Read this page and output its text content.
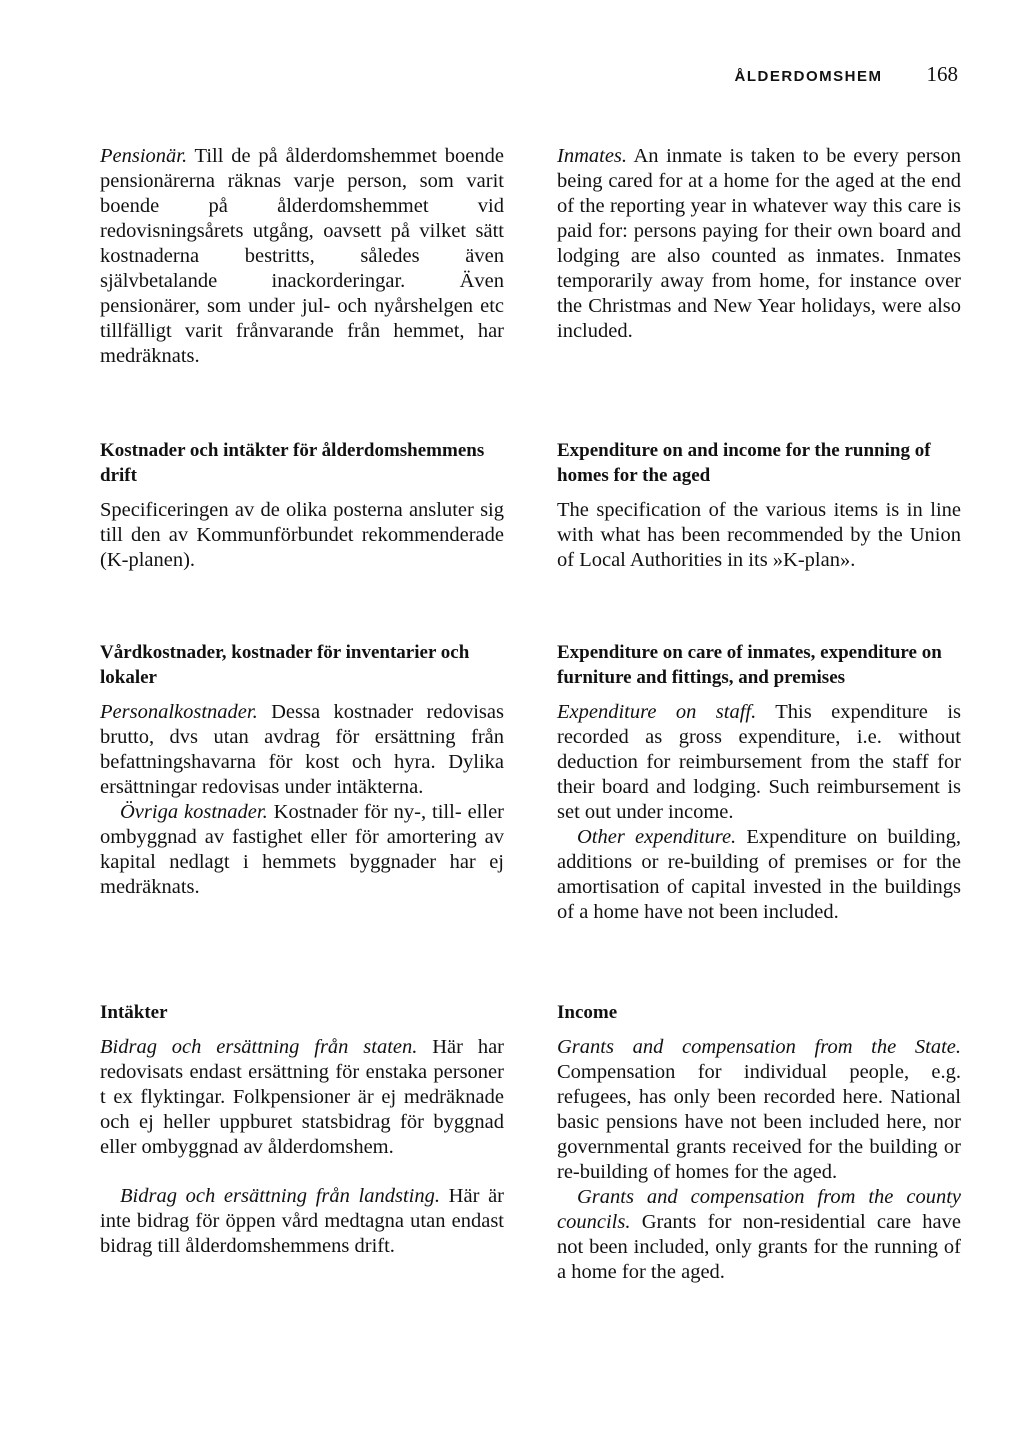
ÅLDERDOMSHEM 168

Pensionär. Till de på ålderdomshemmet boende pensionärerna räknas varje person, som varit boende på ålderdomshemmet vid redovisningsårets utgång, oavsett på vilket sätt kostnaderna bestritts, således även självbetalande inackorderingar. Även pensionärer, som under jul- och nyårshelgen etc tillfälligt varit frånvarande från hemmet, har medräknats.

Inmates. An inmate is taken to be every person being cared for at a home for the aged at the end of the reporting year in whatever way this care is paid for: persons paying for their own board and lodging are also counted as inmates. Inmates temporarily away from home, for instance over the Christmas and New Year holidays, were also included.

Kostnader och intäkter för ålderdomshemmens drift

Specificeringen av de olika posterna ansluter sig till den av Kommunförbundet rekommenderade (K-planen).

Expenditure on and income for the running of homes for the aged

The specification of the various items is in line with what has been recommended by the Union of Local Authorities in its »K-plan».

Vårdkostnader, kostnader för inventarier och lokaler

Personalkostnader. Dessa kostnader redovisas brutto, dvs utan avdrag för ersättning från befattningshavarna för kost och hyra. Dylika ersättningar redovisas under intäkterna.

Övriga kostnader. Kostnader för ny-, till- eller ombyggnad av fastighet eller för amortering av kapital nedlagt i hemmets byggnader har ej medräknats.

Expenditure on care of inmates, expenditure on furniture and fittings, and premises

Expenditure on staff. This expenditure is recorded as gross expenditure, i.e. without deduction for reimbursement from the staff for their board and lodging. Such reimbursement is set out under income.

Other expenditure. Expenditure on building, additions or re-building of premises or for the amortisation of capital invested in the buildings of a home have not been included.

Intäkter

Bidrag och ersättning från staten. Här har redovisats endast ersättning för enstaka personer t ex flyktingar. Folkpensioner är ej medräknade och ej heller uppburet statsbidrag för byggnad eller ombyggnad av ålderdomshem.

Bidrag och ersättning från landsting. Här är inte bidrag för öppen vård medtagna utan endast bidrag till ålderdomshemmens drift.

Income

Grants and compensation from the State. Compensation for individual people, e.g. refugees, has only been recorded here. National basic pensions have not been included here, nor governmental grants received for the building or re-building of homes for the aged.

Grants and compensation from the county councils. Grants for non-residential care have not been included, only grants for the running of a home for the aged.
